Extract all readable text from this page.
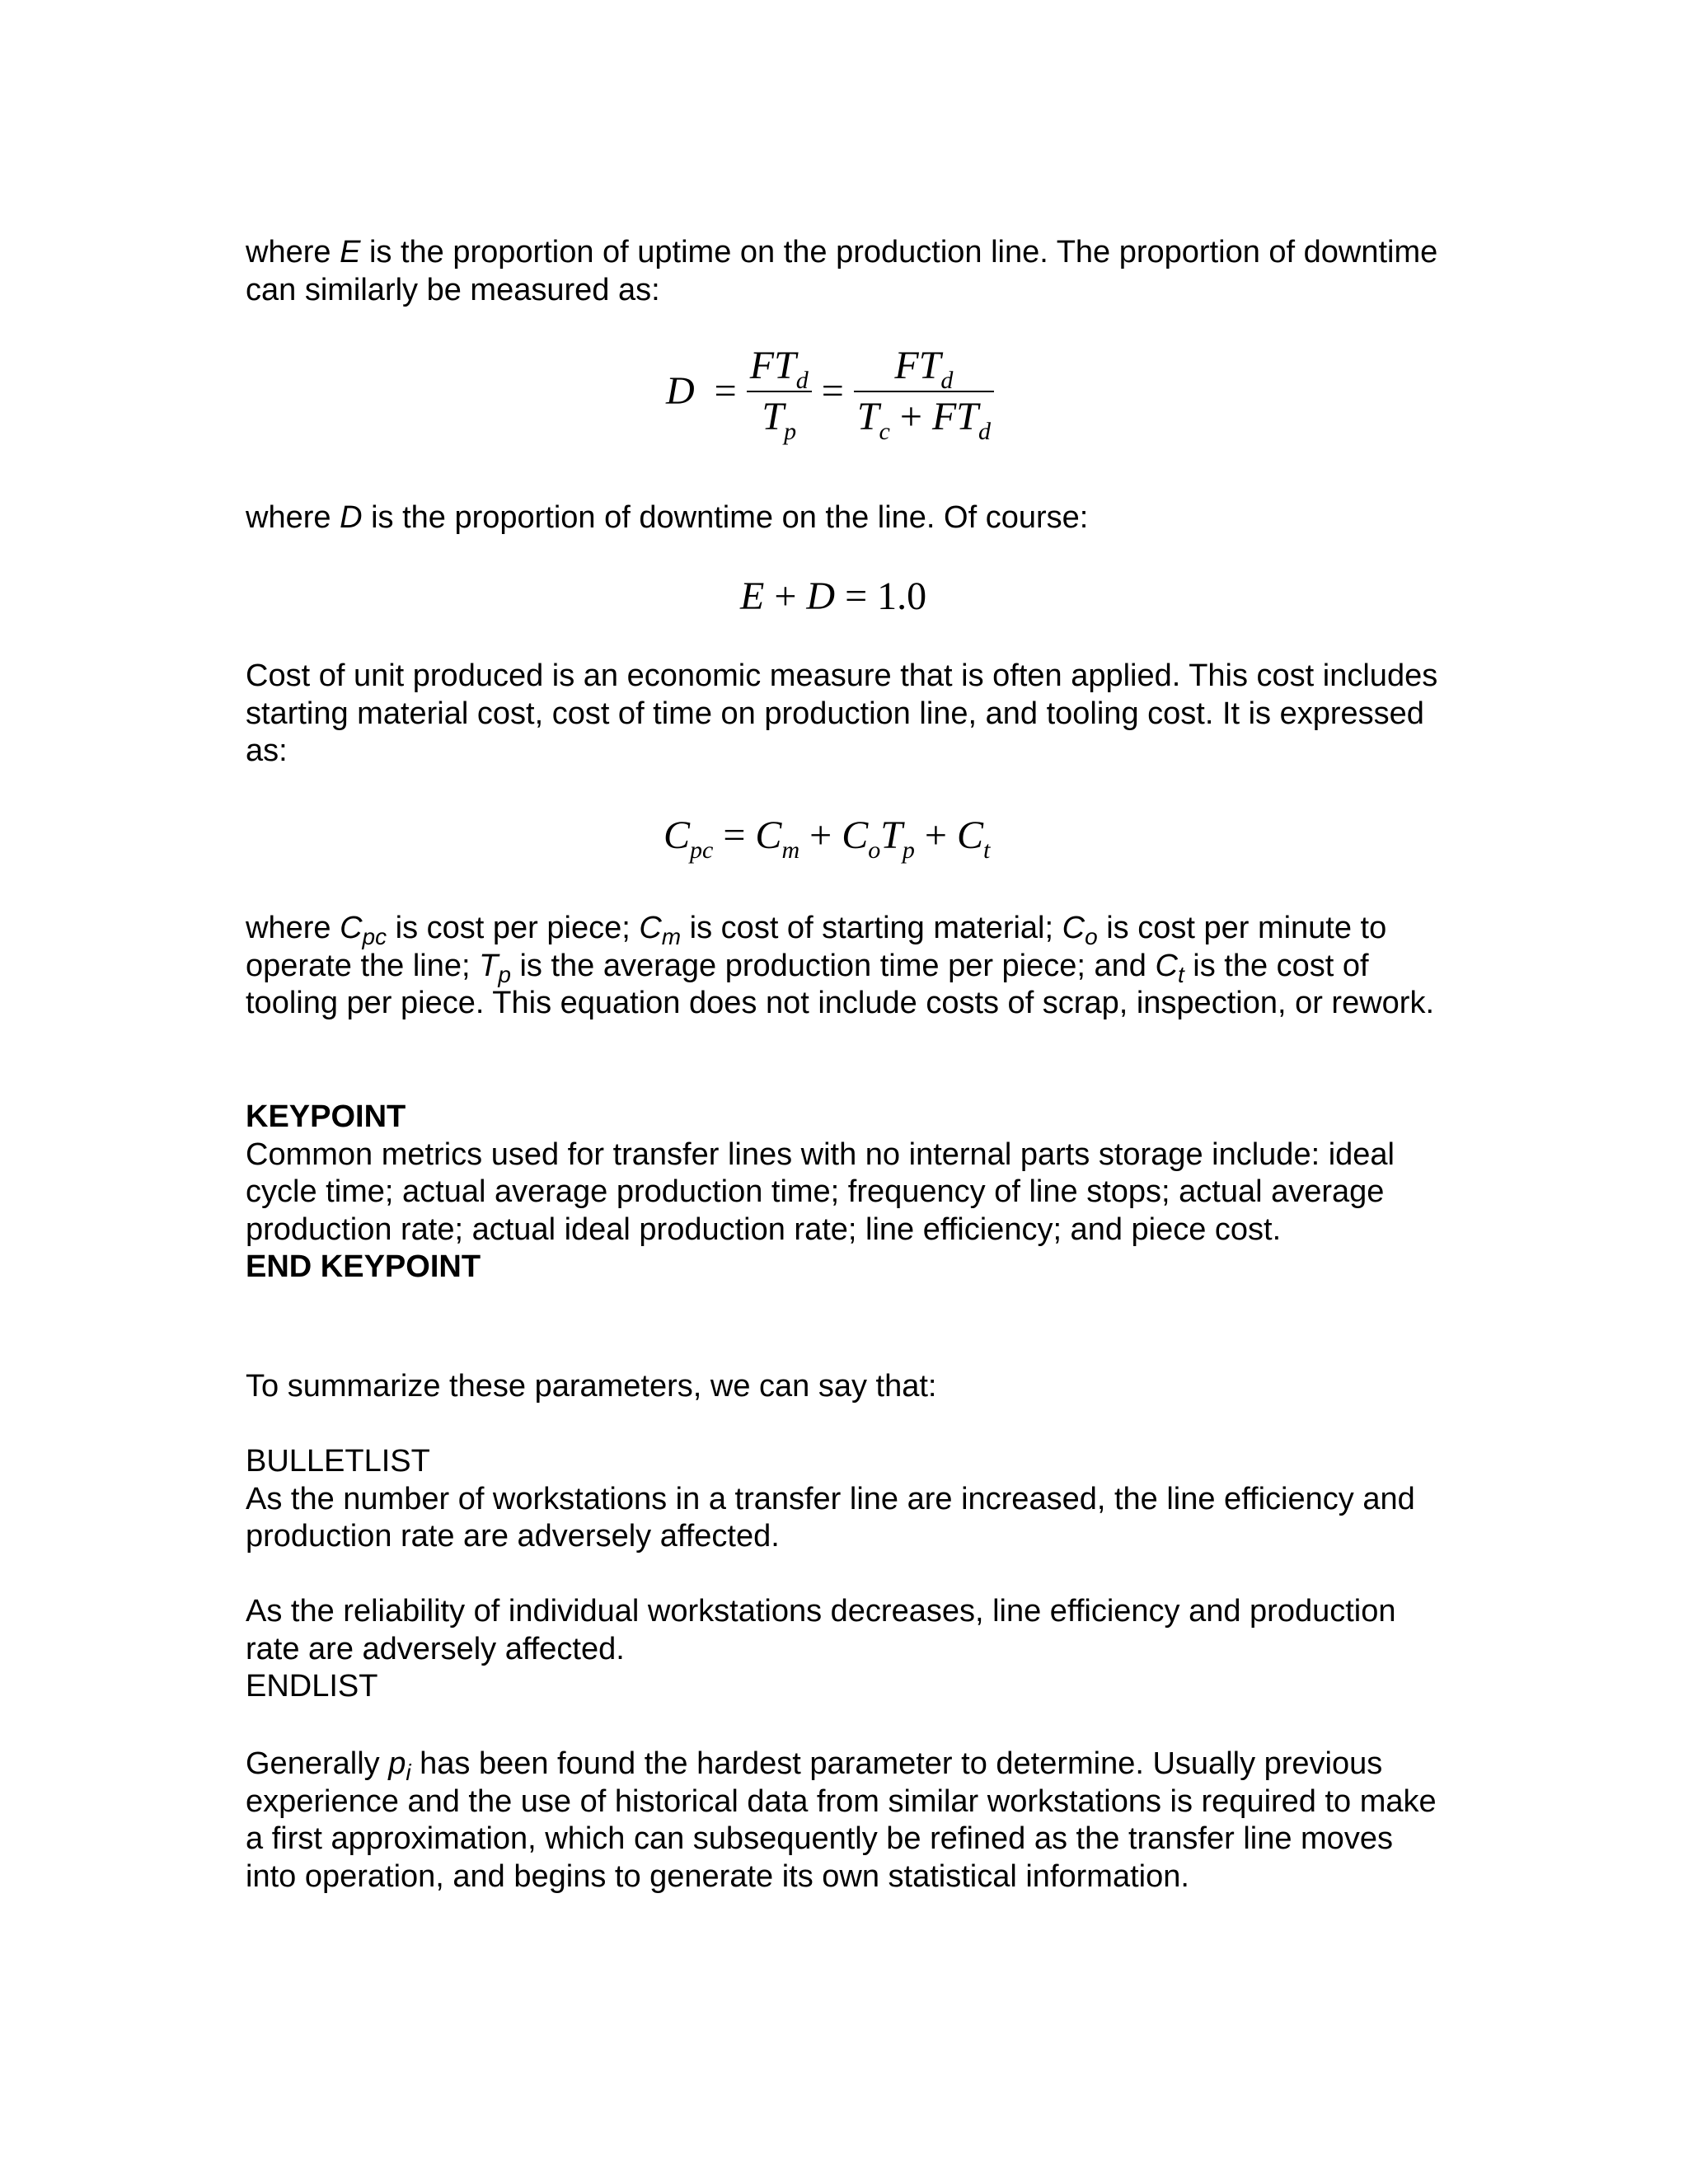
where E is the proportion of uptime on the production line. The proportion of downtime can similarly be measured as:

$D = \frac{FT_d}{T_p} = \frac{FT_d}{T_c + FT_d}$

where D is the proportion of downtime on the line. Of course:

E + D = 1.0

Cost of unit produced is an economic measure that is often applied. This cost includes starting material cost, cost of time on production line, and tooling cost. It is expressed as:

$C_{pc} = C_m + C_oT_p + C_t$

where $C_{pc}$ is cost per piece; $C_m$ is cost of starting material; $C_o$ is cost per minute to operate the line; $T_p$ is the average production time per piece; and $C_t$ is the cost of tooling per piece. This equation does not include costs of scrap, inspection, or rework.

KEYPOINT
Common metrics used for transfer lines with no internal parts storage include: ideal cycle time; actual average production time; frequency of line stops; actual average production rate; actual ideal production rate; line efficiency; and piece cost.
END KEYPOINT

To summarize these parameters, we can say that:

BULLETLIST
As the number of workstations in a transfer line are increased, the line efficiency and production rate are adversely affected.
As the reliability of individual workstations decreases, line efficiency and production rate are adversely affected.
ENDLIST

Generally $p_i$ has been found the hardest parameter to determine. Usually previous experience and the use of historical data from similar workstations is required to make a first approximation, which can subsequently be refined as the transfer line moves into operation, and begins to generate its own statistical information.
